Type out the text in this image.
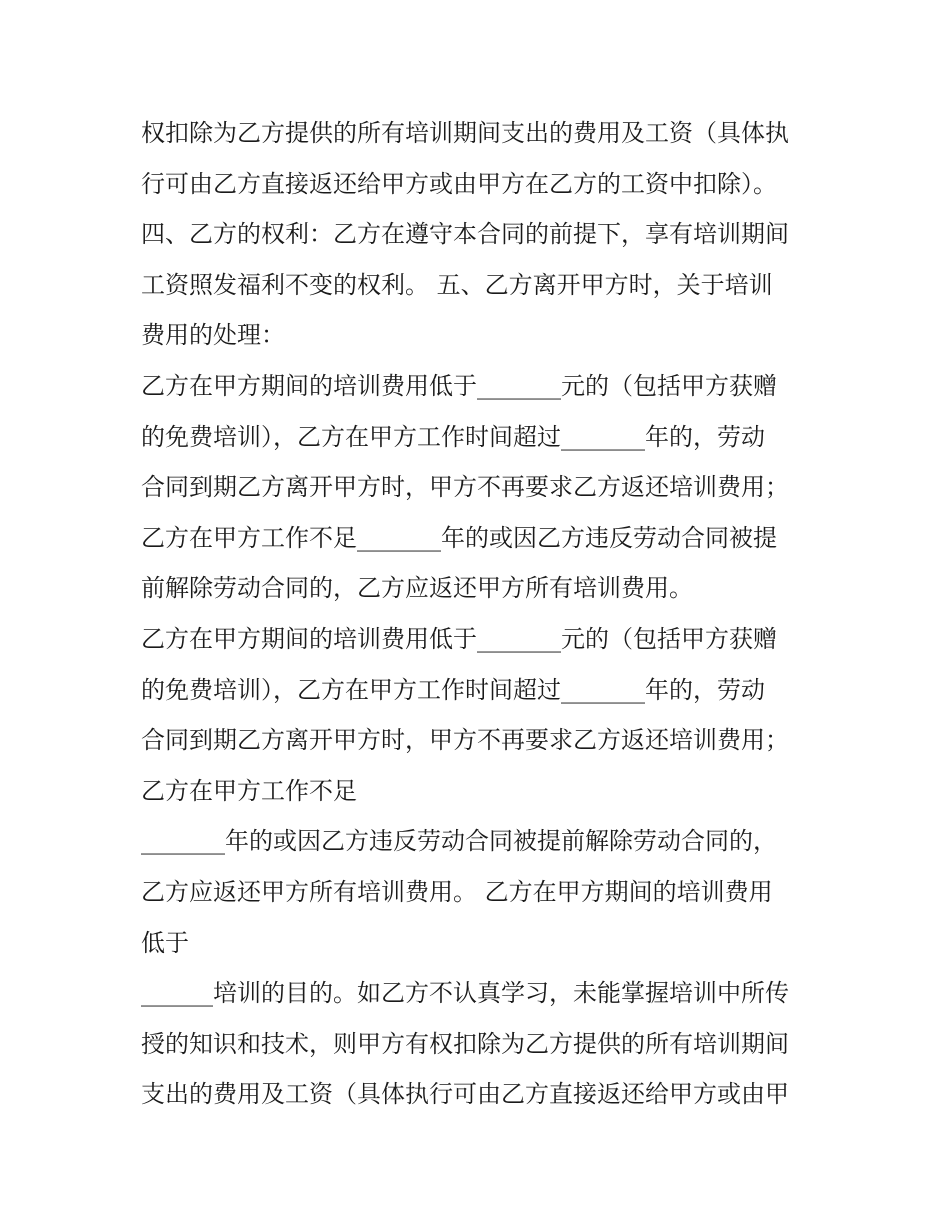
权扣除为乙方提供的所有培训期间支出的费用及工资（具体执
行可由乙方直接返还给甲方或由甲方在乙方的工资中扣除）。
四、乙方的权利：乙方在遵守本合同的前提下，享有培训期间
工资照发福利不变的权利。 五、乙方离开甲方时，关于培训
费用的处理：
乙方在甲方期间的培训费用低于_______元的（包括甲方获赠
的免费培训），乙方在甲方工作时间超过_______年的，劳动
合同到期乙方离开甲方时，甲方不再要求乙方返还培训费用；
乙方在甲方工作不足_______年的或因乙方违反劳动合同被提
前解除劳动合同的，乙方应返还甲方所有培训费用。
乙方在甲方期间的培训费用低于_______元的（包括甲方获赠
的免费培训），乙方在甲方工作时间超过_______年的，劳动
合同到期乙方离开甲方时，甲方不再要求乙方返还培训费用；
乙方在甲方工作不足
_______年的或因乙方违反劳动合同被提前解除劳动合同的，
乙方应返还甲方所有培训费用。 乙方在甲方期间的培训费用
低于
______培训的目的。如乙方不认真学习，未能掌握培训中所传
授的知识和技术，则甲方有权扣除为乙方提供的所有培训期间
支出的费用及工资（具体执行可由乙方直接返还给甲方或由甲
